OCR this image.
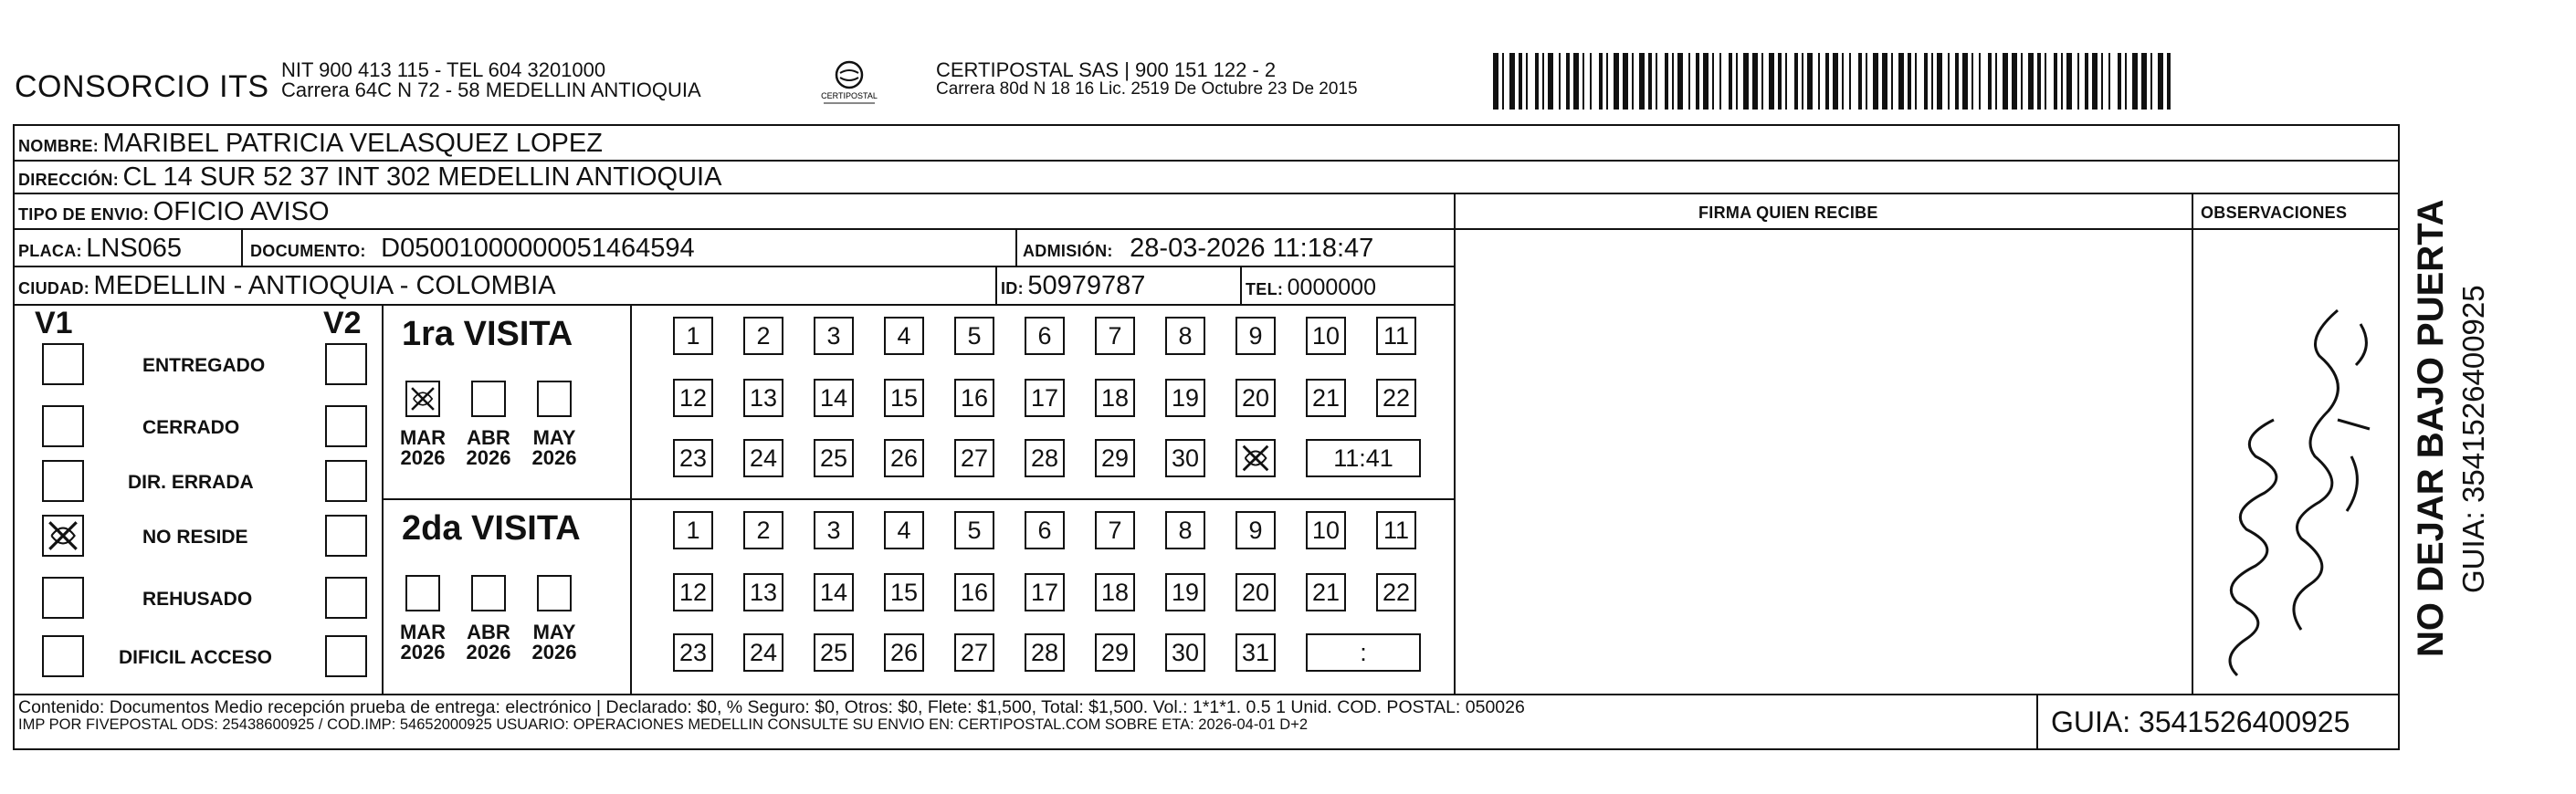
CONSORCIO ITS NIT 900 413 115 - TEL 604 3201000
Carrera 64C N 72 - 58 MEDELLIN ANTIOQUIA	CERTIPOSTAL
CERTIPOSTAL SAS | 900 151 122 - 2
Carrera 80d N 18 16 Lic. 2519 De Octubre 23 De 2015
NOMBRE: MARIBEL PATRICIA VELASQUEZ LOPEZ
DIRECCIÓN: CL 14 SUR 52 37 INT 302 MEDELLIN ANTIOQUIA
TIPO DE ENVIO: OFICIO AVISO	FIRMA QUIEN RECIBE	OBSERVACIONES
PLACA: LNS065	DOCUMENTO: D05001000000051464594	ADMISIÓN: 28-03-2026 11:18:47
CIUDAD: MEDELLIN - ANTIOQUIA - COLOMBIA	ID: 50979787	TEL: 0000000
V1	V2
ENTREGADO
CERRADO
DIR. ERRADA
NO RESIDE
REHUSADO
DIFICIL ACCESO
1ra VISITA
MAR
2026
ABR
2026
MAY
2026
1	2	3	4	5	6	7	8	9	10 11
12 13 14 15 16 17 18 19 20 21 22
23 24 25 26 27 28 29 30	11:41
2da VISITA
MAR
2026
ABR
2026
MAY
2026
1	2	3	4	5	6	7	8	9	10 11
12 13 14 15 16 17 18 19 20 21 22
23 24 25 26 27 28 29 30 31	:
Contenido: Documentos Medio recepción prueba de entrega: electrónico | Declarado: $0, % Seguro: $0, Otros: $0, Flete: $1,500, Total: $1,500. Vol.: 1*1*1. 0.5 1 Unid. COD. POSTAL: 050026
IMP POR FIVEPOSTAL ODS: 25438600925 / COD.IMP: 54652000925 USUARIO: OPERACIONES MEDELLIN CONSULTE SU ENVIO EN: CERTIPOSTAL.COM SOBRE ETA: 2026-04-01 D+2	GUIA: 3541526400925
NO DEJAR BAJO PUERTA GUIA: 3541526400925
